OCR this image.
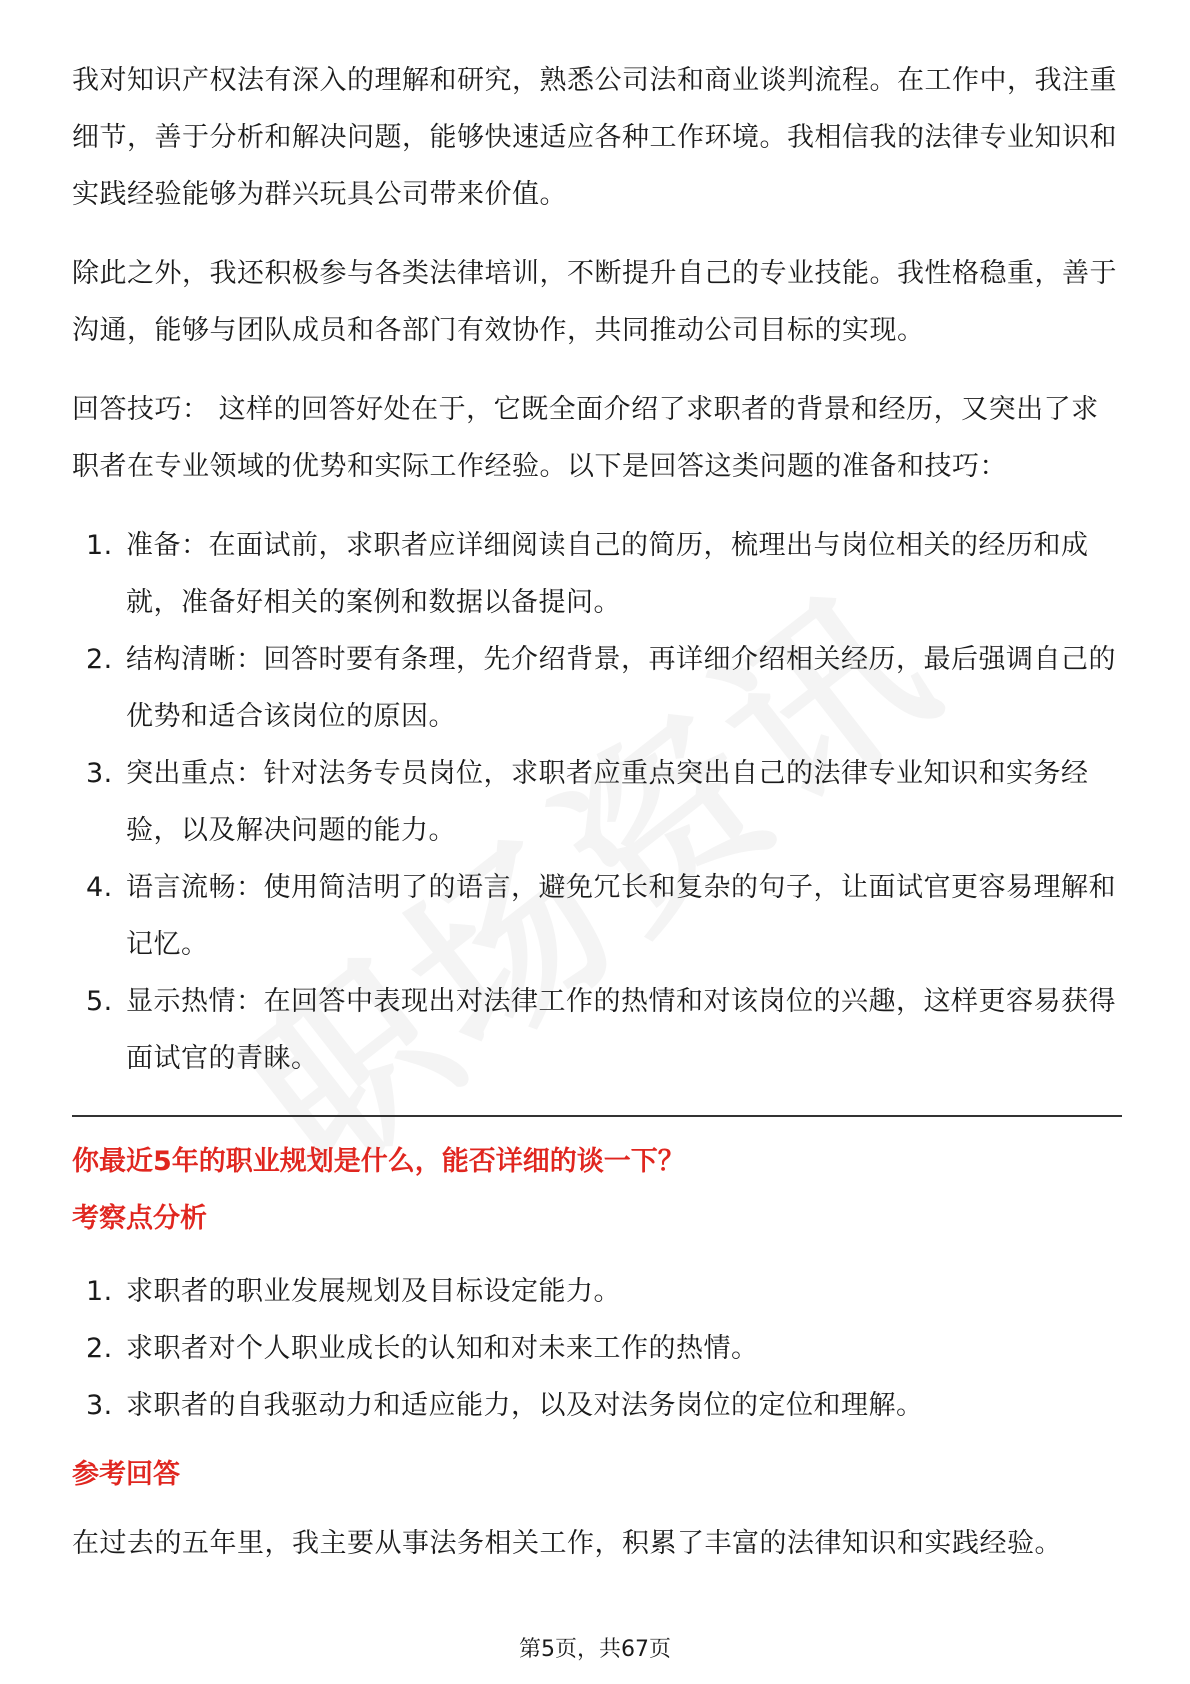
我对知识产权法有深入的理解和研究，熟悉公司法和商业谈判流程。在工作中，我注重细节，善于分析和解决问题，能够快速适应各种工作环境。我相信我的法律专业知识和实践经验能够为群兴玩具公司带来价值。

除此之外，我还积极参与各类法律培训，不断提升自己的专业技能。我性格稳重，善于沟通，能够与团队成员和各部门有效协作，共同推动公司目标的实现。

回答技巧： 这样的回答好处在于，它既全面介绍了求职者的背景和经历，又突出了求职者在专业领域的优势和实际工作经验。以下是回答这类问题的准备和技巧：

1. 准备：在面试前，求职者应详细阅读自己的简历，梳理出与岗位相关的经历和成就，准备好相关的案例和数据以备提问。
2. 结构清晰：回答时要有条理，先介绍背景，再详细介绍相关经历，最后强调自己的优势和适合该岗位的原因。
3. 突出重点：针对法务专员岗位，求职者应重点突出自己的法律专业知识和实务经验，以及解决问题的能力。
4. 语言流畅：使用简洁明了的语言，避免冗长和复杂的句子，让面试官更容易理解和记忆。
5. 显示热情：在回答中表现出对法律工作的热情和对该岗位的兴趣，这样更容易获得面试官的青睐。

你最近5年的职业规划是什么，能否详细的谈一下？

考察点分析

1. 求职者的职业发展规划及目标设定能力。
2. 求职者对个人职业成长的认知和对未来工作的热情。
3. 求职者的自我驱动力和适应能力，以及对法务岗位的定位和理解。

参考回答

在过去的五年里，我主要从事法务相关工作，积累了丰富的法律知识和实践经验。

第5页，共67页
